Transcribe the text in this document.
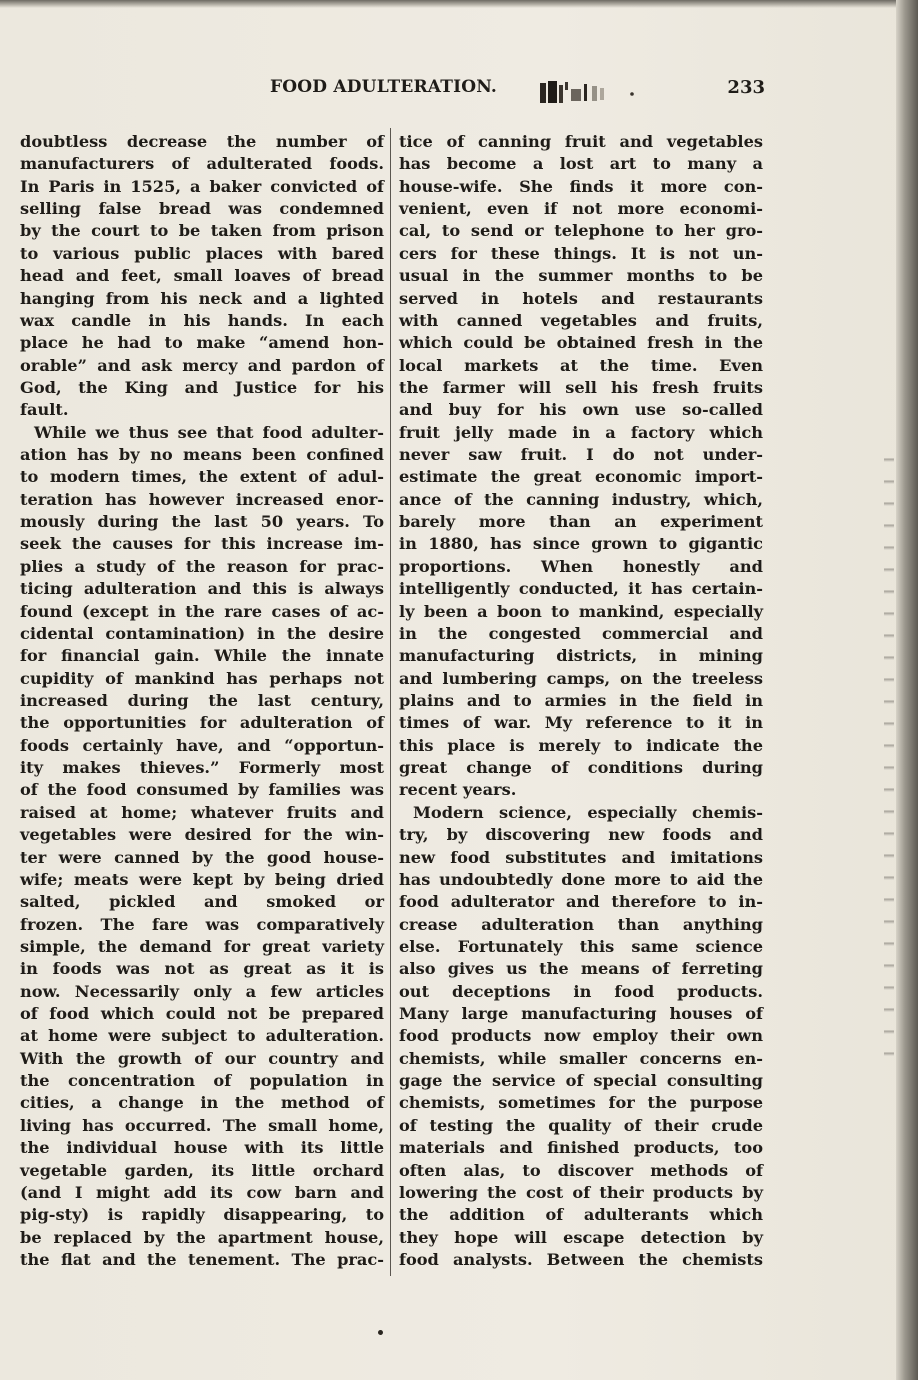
FOOD ADULTERATION.	233
doubtless decrease the number of
manufacturers of adulterated foods.
In Paris in 1525, a baker convicted of
selling false bread was condemned
by the court to be taken from prison
to various public places with bared
head and feet, small loaves of bread
hanging from his neck and a lighted
wax candle in his hands. In each
place he had to make “amend hon-
orable” and ask mercy and pardon of
God, the King and Justice for his
fault.
While we thus see that food adulter-
ation has by no means been confined
to modern times, the extent of adul-
teration has however increased enor-
mously during the last 50 years. To
seek the causes for this increase im-
plies a study of the reason for prac-
ticing adulteration and this is always
found (except in the rare cases of ac-
cidental contamination) in the desire
for financial gain. While the innate
cupidity of mankind has perhaps not
increased during the last century,
the opportunities for adulteration of
foods certainly have, and “opportun-
ity makes thieves.” Formerly most
of the food consumed by families was
raised at home; whatever fruits and
vegetables were desired for the win-
ter were canned by the good house-
wife; meats were kept by being dried
salted, pickled and smoked or
frozen. The fare was comparatively
simple, the demand for great variety
in foods was not as great as it is
now. Necessarily only a few articles
of food which could not be prepared
at home were subject to adulteration.
With the growth of our country and
the concentration of population in
cities, a change in the method of
living has occurred. The small home,
the individual house with its little
vegetable garden, its little orchard
(and I might add its cow barn and
pig-sty) is rapidly disappearing, to
be replaced by the apartment house,
the flat and the tenement. The prac-
tice of canning fruit and vegetables
has become a lost art to many a
house-wife. She finds it more con-
venient, even if not more economi-
cal, to send or telephone to her gro-
cers for these things. It is not un-
usual in the summer months to be
served in hotels and restaurants
with canned vegetables and fruits,
which could be obtained fresh in the
local markets at the time. Even
the farmer will sell his fresh fruits
and buy for his own use so-called
fruit jelly made in a factory which
never saw fruit. I do not under-
estimate the great economic import-
ance of the canning industry, which,
barely more than an experiment
in 1880, has since grown to gigantic
proportions. When honestly and
intelligently conducted, it has certain-
ly been a boon to mankind, especially
in the congested commercial and
manufacturing districts, in mining
and lumbering camps, on the treeless
plains and to armies in the field in
times of war. My reference to it in
this place is merely to indicate the
great change of conditions during
recent years.
Modern science, especially chemis-
try, by discovering new foods and
new food substitutes and imitations
has undoubtedly done more to aid the
food adulterator and therefore to in-
crease adulteration than anything
else. Fortunately this same science
also gives us the means of ferreting
out deceptions in food products.
Many large manufacturing houses of
food products now employ their own
chemists, while smaller concerns en-
gage the service of special consulting
chemists, sometimes for the purpose
of testing the quality of their crude
materials and finished products, too
often alas, to discover methods of
lowering the cost of their products by
the addition of adulterants which
they hope will escape detection by
food analysts. Between the chemists
